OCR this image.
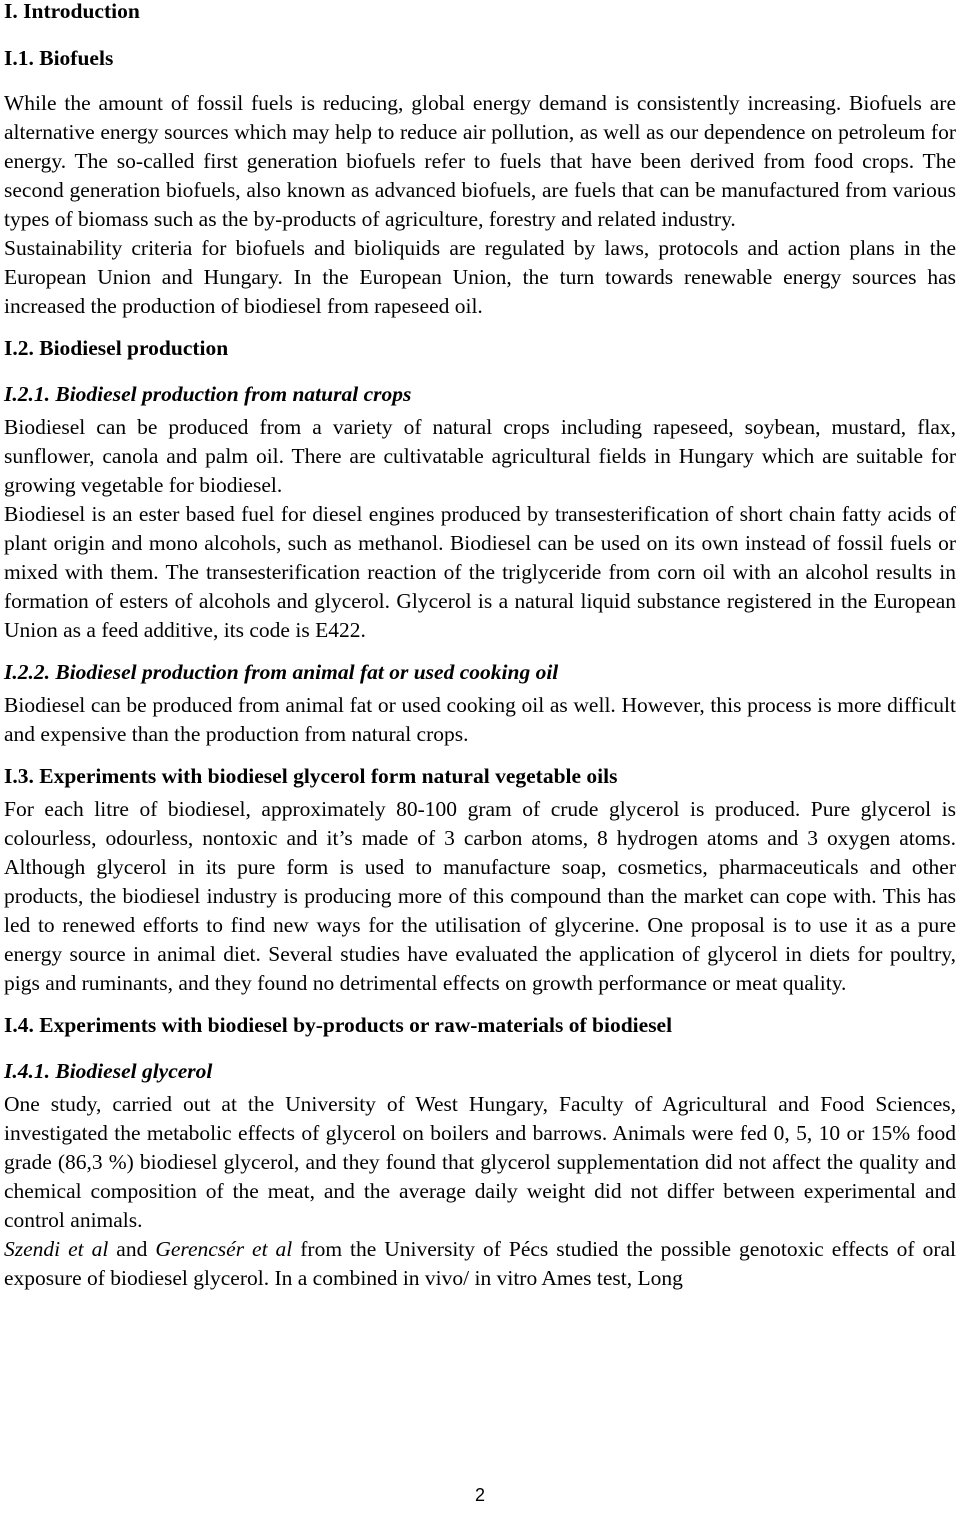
I. Introduction
I.1. Biofuels

While the amount of fossil fuels is reducing, global energy demand is consistently increasing. Biofuels are alternative energy sources which may help to reduce air pollution, as well as our dependence on petroleum for energy. The so-called first generation biofuels refer to fuels that have been derived from food crops. The second generation biofuels, also known as advanced biofuels, are fuels that can be manufactured from various types of biomass such as the by-products of agriculture, forestry and related industry.

Sustainability criteria for biofuels and bioliquids are regulated by laws, protocols and action plans in the European Union and Hungary. In the European Union, the turn towards renewable energy sources has increased the production of biodiesel from rapeseed oil.

I.2. Biodiesel production
I.2.1. Biodiesel production from natural crops

Biodiesel can be produced from a variety of natural crops including rapeseed, soybean, mustard, flax, sunflower, canola and palm oil. There are cultivatable agricultural fields in Hungary which are suitable for growing vegetable for biodiesel.

Biodiesel is an ester based fuel for diesel engines produced by transesterification of short chain fatty acids of plant origin and mono alcohols, such as methanol. Biodiesel can be used on its own instead of fossil fuels or mixed with them. The transesterification reaction of the triglyceride from corn oil with an alcohol results in formation of esters of alcohols and glycerol. Glycerol is a natural liquid substance registered in the European Union as a feed additive, its code is E422.

I.2.2. Biodiesel production from animal fat or used cooking oil

Biodiesel can be produced from animal fat or used cooking oil as well. However, this process is more difficult and expensive than the production from natural crops.

I.3. Experiments with biodiesel glycerol form natural vegetable oils

For each litre of biodiesel, approximately 80-100 gram of crude glycerol is produced. Pure glycerol is colourless, odourless, nontoxic and it’s made of 3 carbon atoms, 8 hydrogen atoms and 3 oxygen atoms. Although glycerol in its pure form is used to manufacture soap, cosmetics, pharmaceuticals and other products, the biodiesel industry is producing more of this compound than the market can cope with. This has led to renewed efforts to find new ways for the utilisation of glycerine. One proposal is to use it as a pure energy source in animal diet. Several studies have evaluated the application of glycerol in diets for poultry, pigs and ruminants, and they found no detrimental effects on growth performance or meat quality.

I.4. Experiments with biodiesel by-products or raw-materials of biodiesel
I.4.1. Biodiesel glycerol

One study, carried out at the University of West Hungary, Faculty of Agricultural and Food Sciences, investigated the metabolic effects of glycerol on boilers and barrows. Animals were fed 0, 5, 10 or 15% food grade (86,3 %) biodiesel glycerol, and they found that glycerol supplementation did not affect the quality and chemical composition of the meat, and the average daily weight did not differ between experimental and control animals.

Szendi et al and Gerencsér et al from the University of Pécs studied the possible genotoxic effects of oral exposure of biodiesel glycerol. In a combined in vivo/ in vitro Ames test, Long

2
